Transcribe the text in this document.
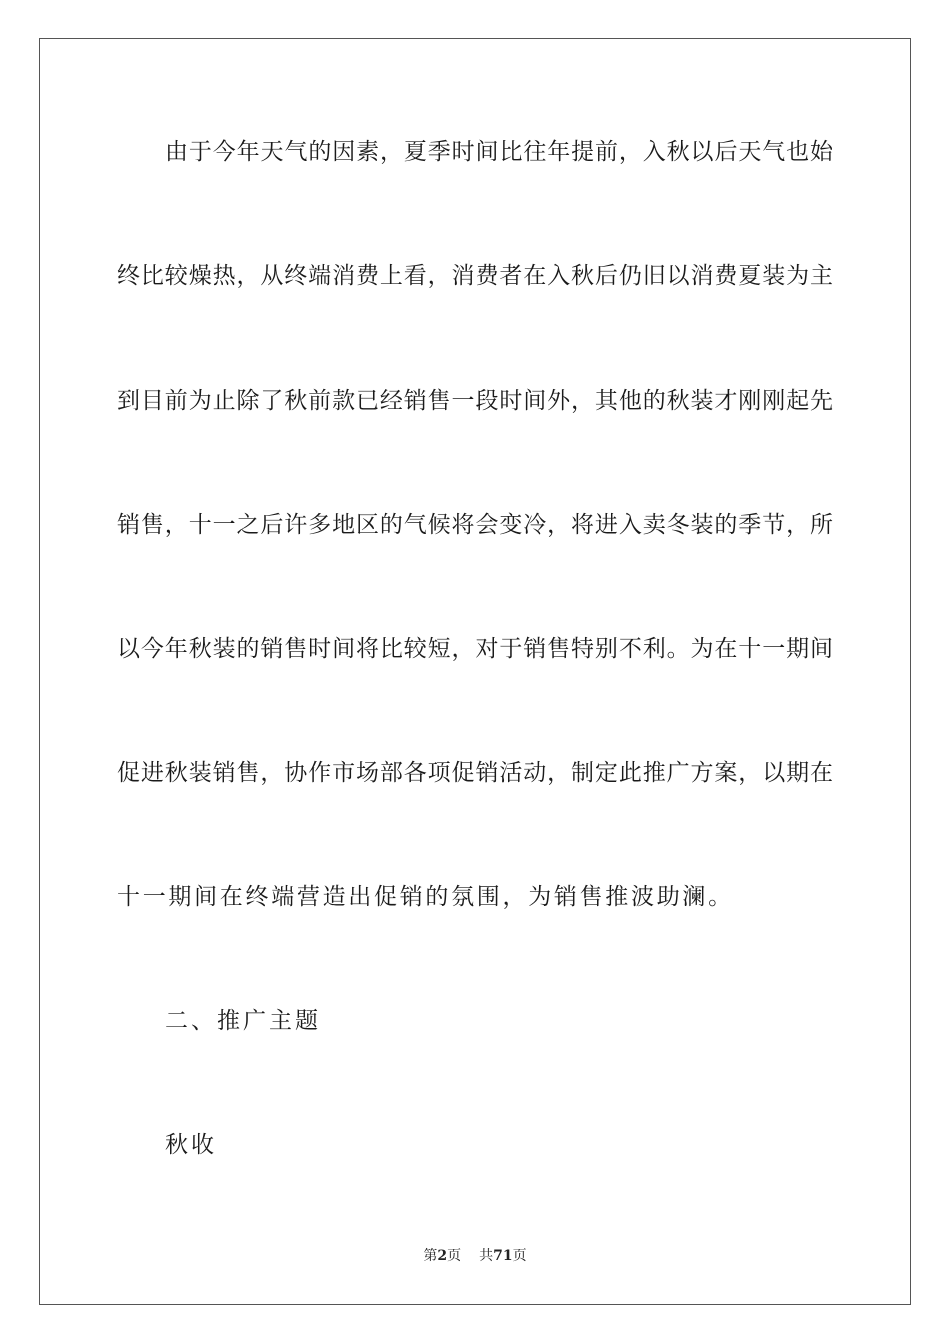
由于今年天气的因素，夏季时间比往年提前，入秋以后天气也始
终比较燥热，从终端消费上看，消费者在入秋后仍旧以消费夏装为主
到目前为止除了秋前款已经销售一段时间外，其他的秋装才刚刚起先
销售，十一之后许多地区的气候将会变冷，将进入卖冬装的季节，所
以今年秋装的销售时间将比较短，对于销售特别不利。为在十一期间
促进秋装销售，协作市场部各项促销活动，制定此推广方案，以期在
十一期间在终端营造出促销的氛围，为销售推波助澜。
二、推广主题
秋收
第2页 共71页
